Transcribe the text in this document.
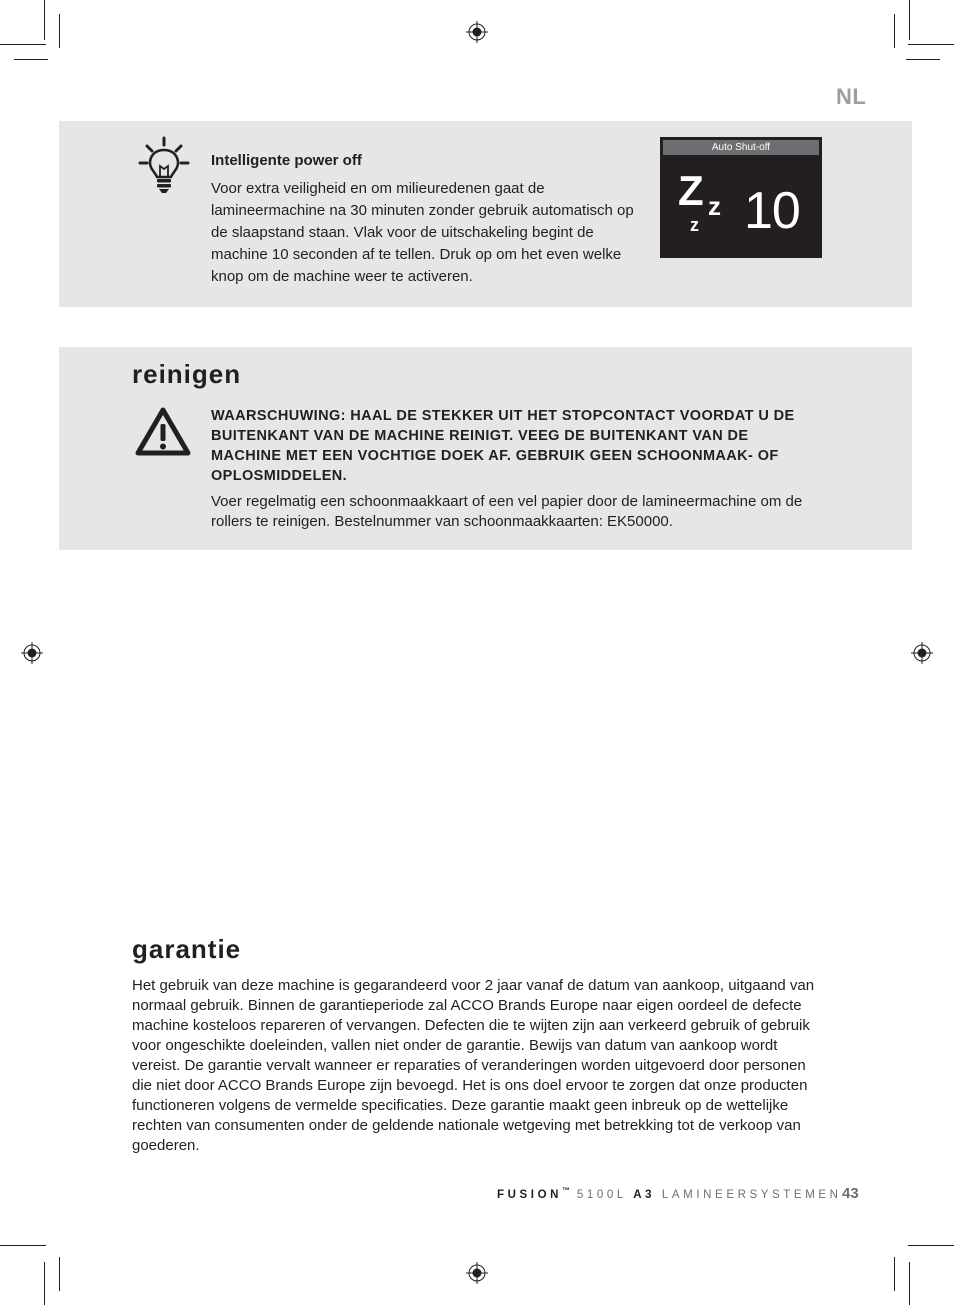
NL
Intelligente power off

Voor extra veiligheid en om milieuredenen gaat de lamineermachine na 30 minuten zonder gebruik automatisch op de slaapstand staan. Vlak voor de uitschakeling begint de machine 10 seconden af te tellen. Druk op om het even welke knop om de machine weer te activeren.

Auto Shut-off
Z z
z 10
reinigen

WAARSCHUWING: HAAL DE STEKKER UIT HET STOPCONTACT VOORDAT U DE BUITENKANT VAN DE MACHINE REINIGT. VEEG DE BUITENKANT VAN DE MACHINE MET EEN VOCHTIGE DOEK AF. GEBRUIK GEEN SCHOONMAAK- OF OPLOSMIDDELEN.

Voer regelmatig een schoonmaakkaart of een vel papier door de lamineermachine om de rollers te reinigen. Bestelnummer van schoonmaakkaarten: EK50000.

garantie

Het gebruik van deze machine is gegarandeerd voor 2 jaar vanaf de datum van aankoop, uitgaand van normaal gebruik. Binnen de garantieperiode zal ACCO Brands Europe naar eigen oordeel de defecte machine kosteloos repareren of vervangen. Defecten die te wijten zijn aan verkeerd gebruik of gebruik voor ongeschikte doeleinden, vallen niet onder de garantie. Bewijs van datum van aankoop wordt vereist. De garantie vervalt wanneer er reparaties of veranderingen worden uitgevoerd door personen die niet door ACCO Brands Europe zijn bevoegd. Het is ons doel ervoor te zorgen dat onze producten functioneren volgens de vermelde specificaties. Deze garantie maakt geen inbreuk op de wettelijke rechten van consumenten onder de geldende nationale wetgeving met betrekking tot de verkoop van goederen.

FUSION™ 5100L A3 LAMINEERSYSTEMEN 43
